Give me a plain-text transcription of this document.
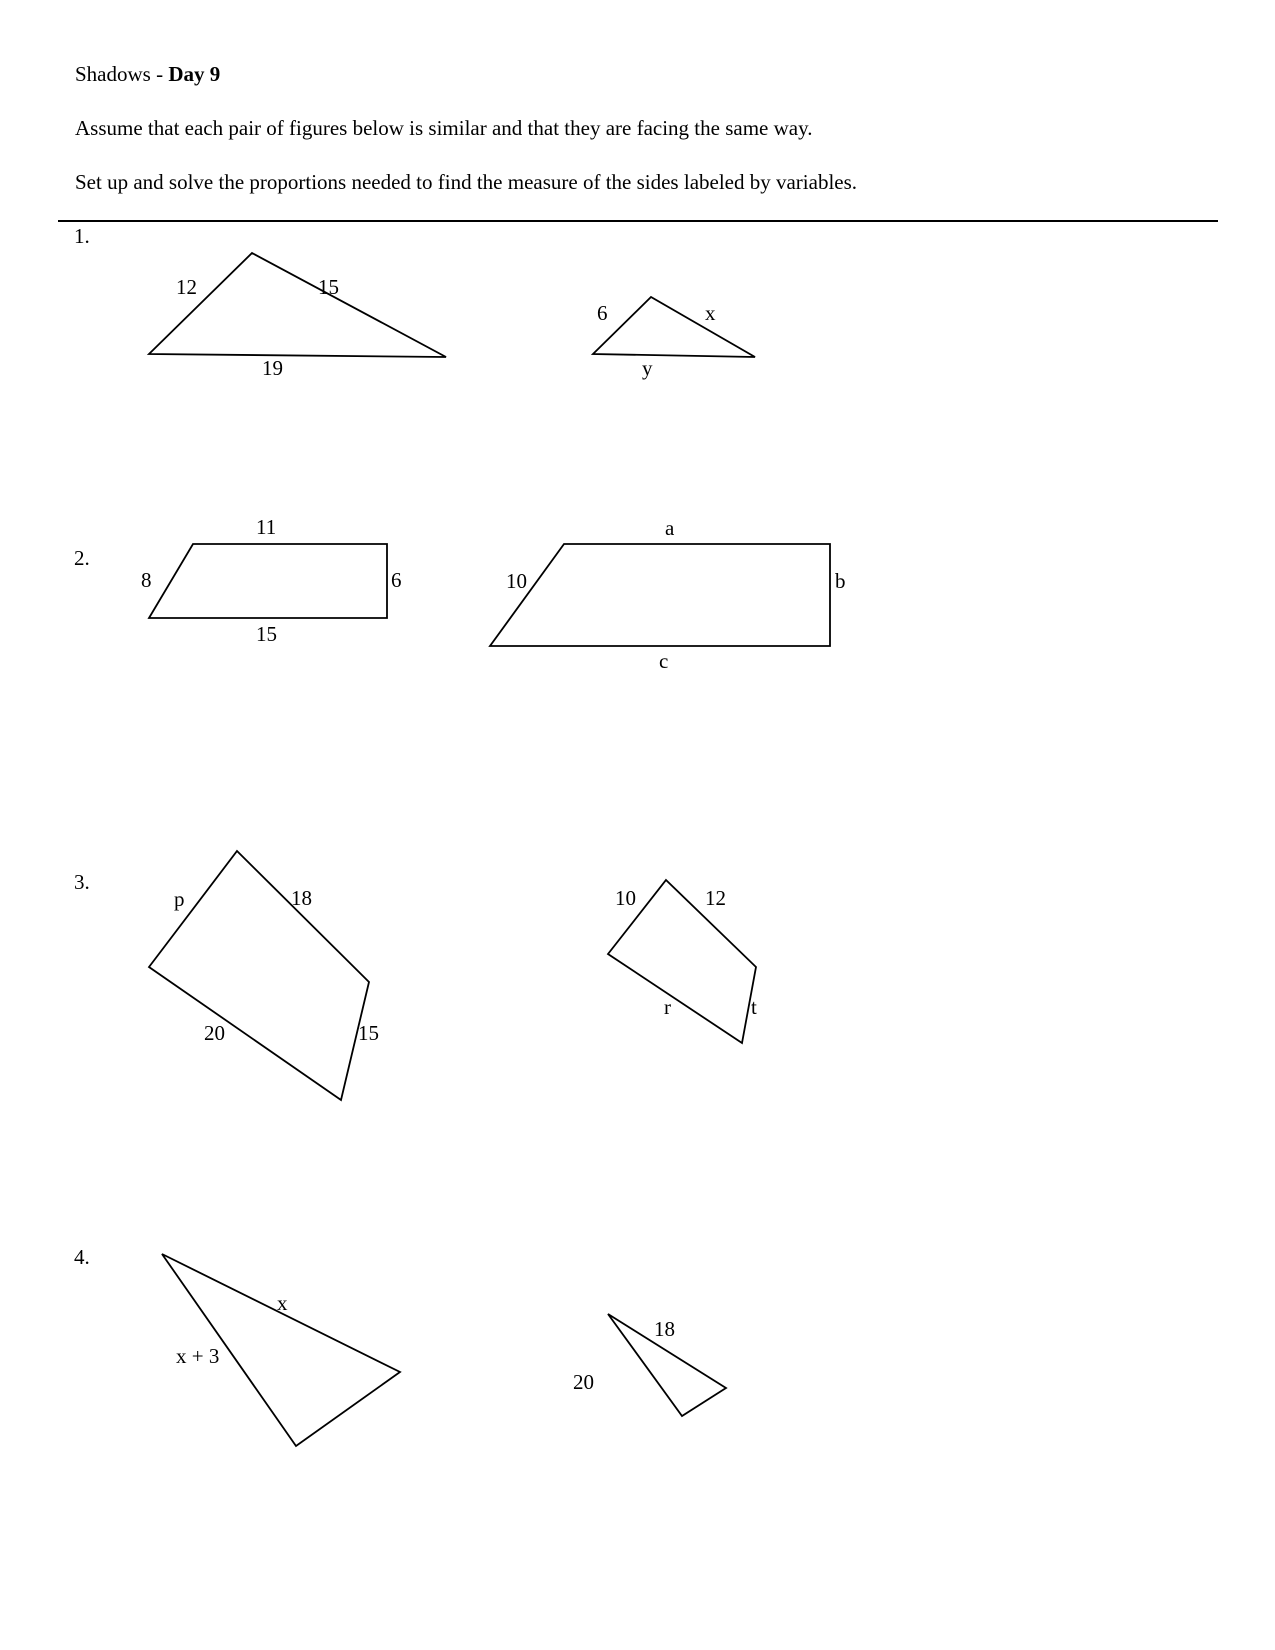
Shadows - Day 9
Assume that each pair of figures below is similar and that they are facing the same way.
Set up and solve the proportions needed to find the measure of the sides labeled by variables.
1.
2.
3.
4.
12	15
19
6	x
y
11
8	6
15
a
10	b
c
p	18
20	15
10	12
r	t
x
x + 3
18
20
